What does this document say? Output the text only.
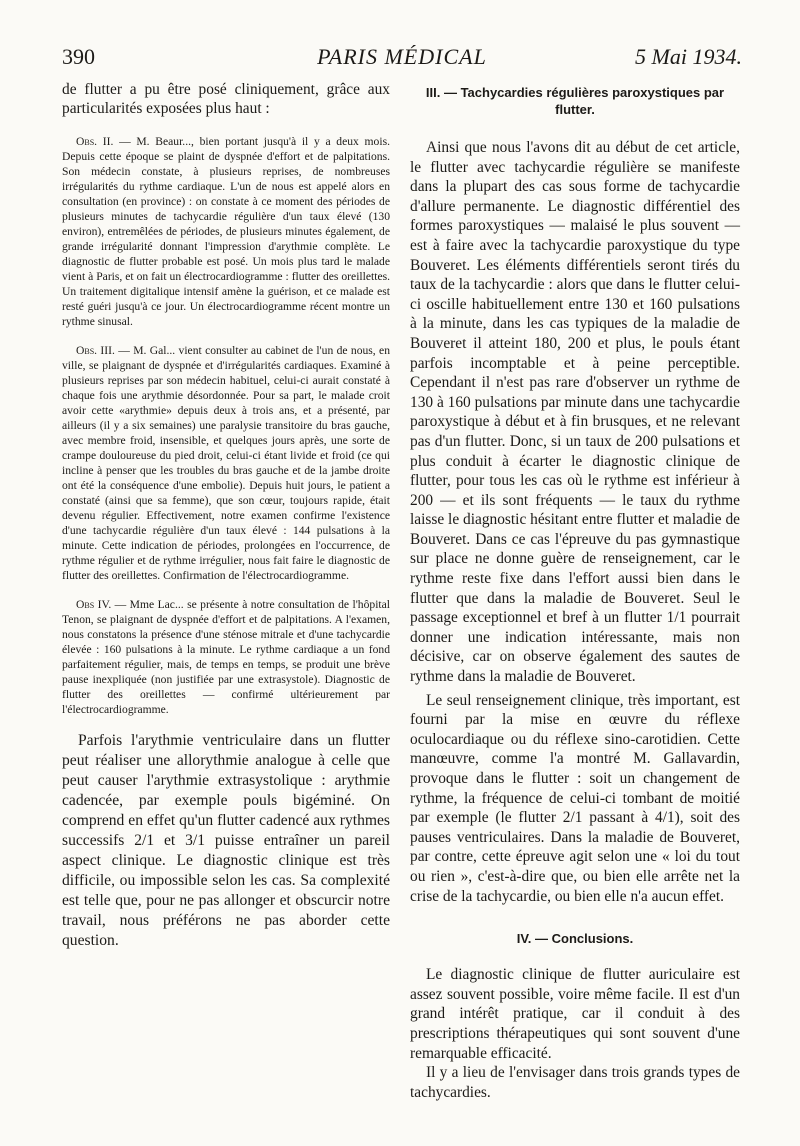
PARIS MÉDICAL
390	5 Mai 1934.

de flutter a pu être posé cliniquement, grâce aux particularités exposées plus haut :

Obs. II. — M. Beaur..., bien portant jusqu'à il y a deux mois. Depuis cette époque se plaint de dyspnée d'effort et de palpitations. Son médecin constate, à plusieurs reprises, de nombreuses irrégularités du rythme cardiaque. L'un de nous est appelé alors en consultation (en province) : on constate à ce moment des périodes de plusieurs minutes de tachycardie régulière d'un taux élevé (130 environ), entremêlées de périodes, de plusieurs minutes également, de grande irrégularité donnant l'impression d'arythmie complète. Le diagnostic de flutter probable est posé. Un mois plus tard le malade vient à Paris, et on fait un électrocardiogramme : flutter des oreillettes. Un traitement digitalique intensif amène la guérison, et ce malade est resté guéri jusqu'à ce jour. Un électrocardiogramme récent montre un rythme sinusal.

Obs. III. — M. Gal... vient consulter au cabinet de l'un de nous, en ville, se plaignant de dyspnée et d'irrégularités cardiaques. Examiné à plusieurs reprises par son médecin habituel, celui-ci aurait constaté à chaque fois une arythmie désordonnée. Pour sa part, le malade croit avoir cette «arythmie» depuis deux à trois ans, et a présenté, par ailleurs (il y a six semaines) une paralysie transitoire du bras gauche, avec membre froid, insensible, et quelques jours après, une sorte de crampe douloureuse du pied droit, celui-ci étant livide et froid (ce qui incline à penser que les troubles du bras gauche et de la jambe droite ont été la conséquence d'une embolie). Depuis huit jours, le patient a constaté (ainsi que sa femme), que son cœur, toujours rapide, était devenu régulier. Effectivement, notre examen confirme l'existence d'une tachycardie régulière d'un taux élevé : 144 pulsations à la minute. Cette indication de périodes, prolongées en l'occurrence, de rythme régulier et de rythme irrégulier, nous fait faire le diagnostic de flutter des oreillettes. Confirmation de l'électrocardiogramme.

Obs IV. — Mme Lac... se présente à notre consultation de l'hôpital Tenon, se plaignant de dyspnée d'effort et de palpitations. A l'examen, nous constatons la présence d'une sténose mitrale et d'une tachycardie élevée : 160 pulsations à la minute. Le rythme cardiaque a un fond parfaitement régulier, mais, de temps en temps, se produit une brève pause inexpliquée (non justifiée par une extrasystole). Diagnostic de flutter des oreillettes — confirmé ultérieurement par l'électrocardiogramme.

Parfois l'arythmie ventriculaire dans un flutter peut réaliser une allorythmie analogue à celle que peut causer l'arythmie extrasystolique : arythmie cadencée, par exemple pouls bigéminé. On comprend en effet qu'un flutter cadencé aux rythmes successifs 2/1 et 3/1 puisse entraîner un pareil aspect clinique. Le diagnostic clinique est très difficile, ou impossible selon les cas. Sa complexité est telle que, pour ne pas allonger et obscurcir notre travail, nous préférons ne pas aborder cette question.

III. — Tachycardies régulières paroxystiques par flutter.

Ainsi que nous l'avons dit au début de cet article, le flutter avec tachycardie régulière se manifeste dans la plupart des cas sous forme de tachycardie d'allure permanente. Le diagnostic différentiel des formes paroxystiques — malaisé le plus souvent — est à faire avec la tachycardie paroxystique du type Bouveret. Les éléments différentiels seront tirés du taux de la tachycardie : alors que dans le flutter celui-ci oscille habituellement entre 130 et 160 pulsations à la minute, dans les cas typiques de la maladie de Bouveret il atteint 180, 200 et plus, le pouls étant parfois incomptable et à peine perceptible. Cependant il n'est pas rare d'observer un rythme de 130 à 160 pulsations par minute dans une tachycardie paroxystique à début et à fin brusques, et ne relevant pas d'un flutter. Donc, si un taux de 200 pulsations et plus conduit à écarter le diagnostic clinique de flutter, pour tous les cas où le rythme est inférieur à 200 — et ils sont fréquents — le taux du rythme laisse le diagnostic hésitant entre flutter et maladie de Bouveret. Dans ce cas l'épreuve du pas gymnastique sur place ne donne guère de renseignement, car le rythme reste fixe dans l'effort aussi bien dans le flutter que dans la maladie de Bouveret. Seul le passage exceptionnel et bref à un flutter 1/1 pourrait donner une indication intéressante, mais non décisive, car on observe également des sautes de rythme dans la maladie de Bouveret.

Le seul renseignement clinique, très important, est fourni par la mise en œuvre du réflexe oculocardiaque ou du réflexe sino-carotidien. Cette manœuvre, comme l'a montré M. Gallavardin, provoque dans le flutter : soit un changement de rythme, la fréquence de celui-ci tombant de moitié par exemple (le flutter 2/1 passant à 4/1), soit des pauses ventriculaires. Dans la maladie de Bouveret, par contre, cette épreuve agit selon une « loi du tout ou rien », c'est-à-dire que, ou bien elle arrête net la crise de la tachycardie, ou bien elle n'a aucun effet.

IV. — Conclusions.

Le diagnostic clinique de flutter auriculaire est assez souvent possible, voire même facile. Il est d'un grand intérêt pratique, car il conduit à des prescriptions thérapeutiques qui sont souvent d'une remarquable efficacité.

Il y a lieu de l'envisager dans trois grands types de tachycardies.
